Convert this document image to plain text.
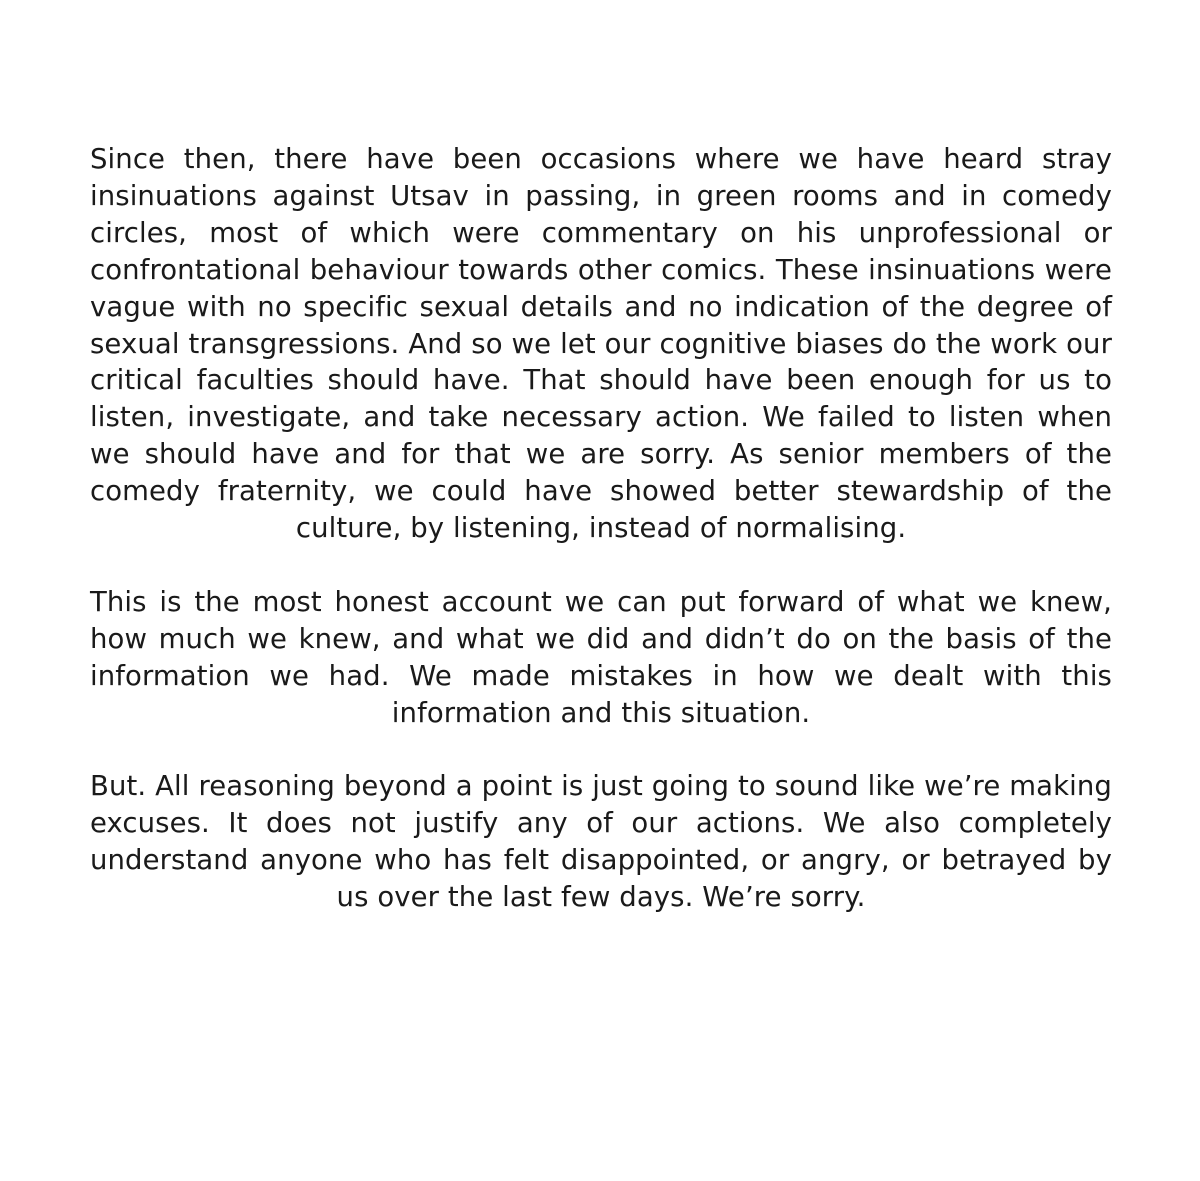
Since then, there have been occasions where we have heard stray insinuations against Utsav in passing, in green rooms and in comedy circles, most of which were commentary on his unprofessional or confrontational behaviour towards other comics. These insinuations were vague with no specific sexual details and no indication of the degree of sexual transgressions. And so we let our cognitive biases do the work our critical faculties should have. That should have been enough for us to listen, investigate, and take necessary action. We failed to listen when we should have and for that we are sorry. As senior members of the comedy fraternity, we could have showed better stewardship of the culture, by listening, instead of normalising.

This is the most honest account we can put forward of what we knew, how much we knew, and what we did and didn’t do on the basis of the information we had. We made mistakes in how we dealt with this information and this situation.

But. All reasoning beyond a point is just going to sound like we’re making excuses. It does not justify any of our actions. We also completely understand anyone who has felt disappointed, or angry, or betrayed by us over the last few days. We’re sorry.
